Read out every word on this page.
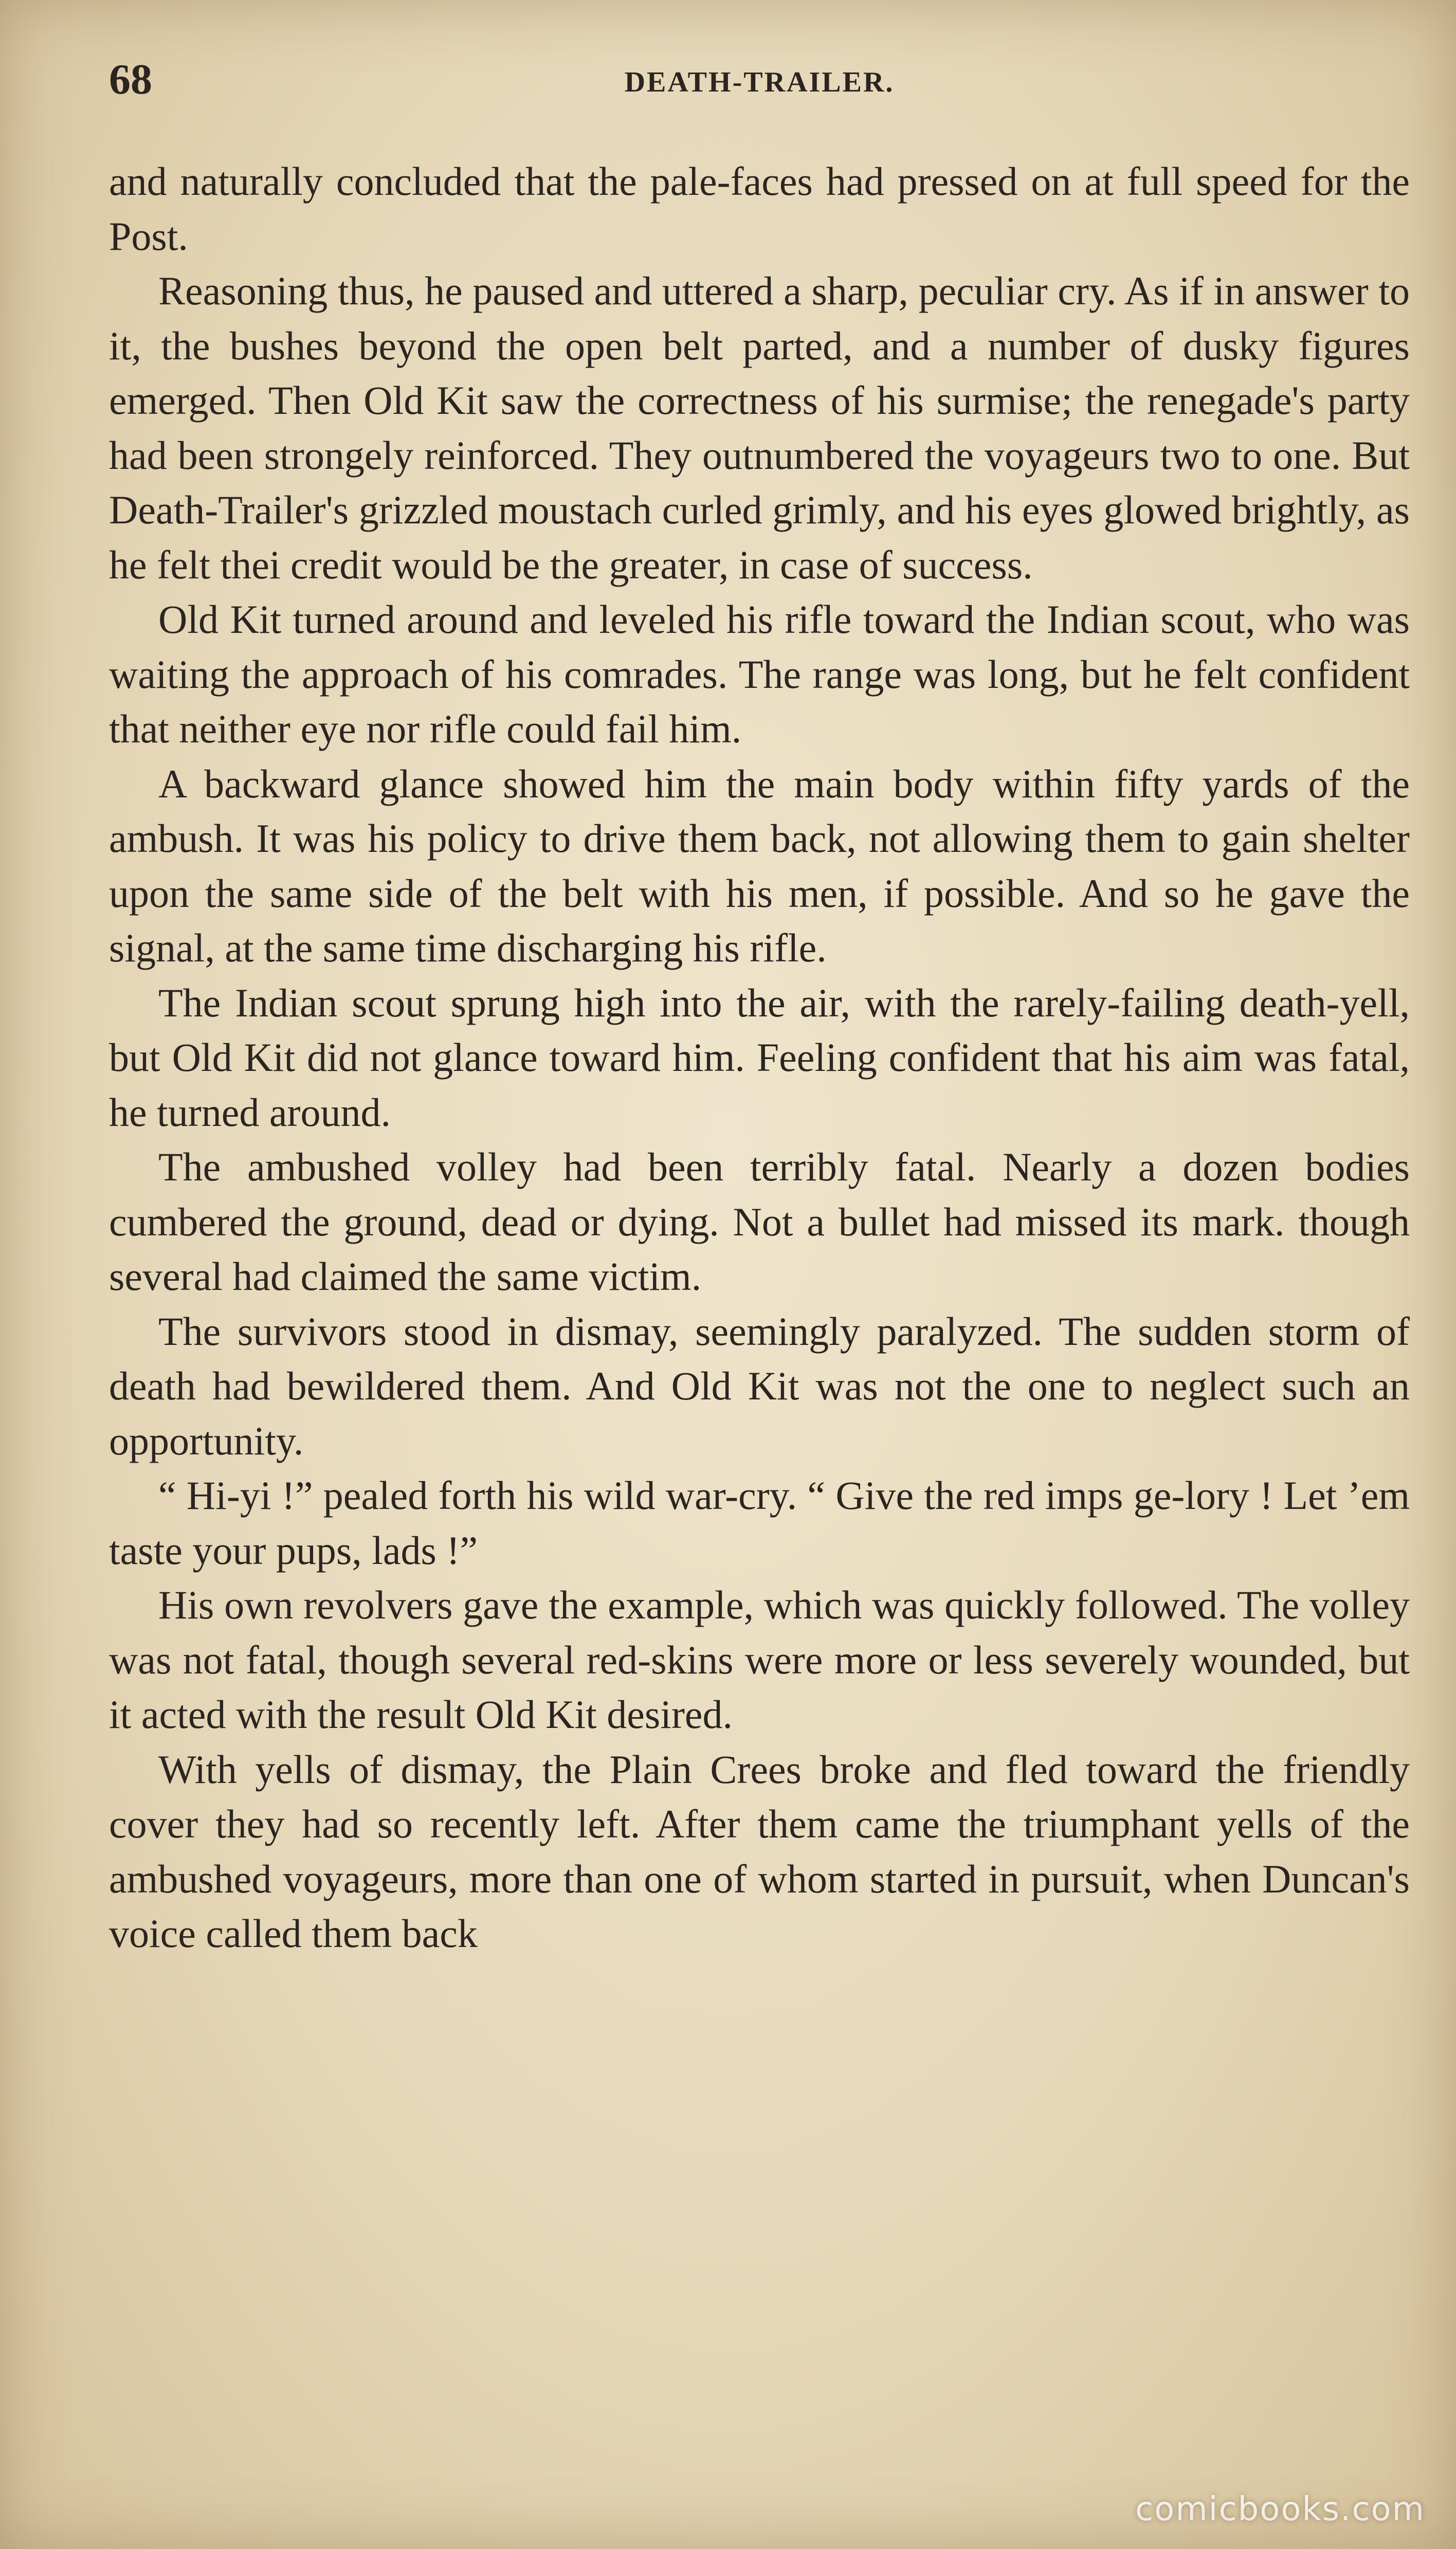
68	DEATH-TRAILER.

and naturally concluded that the pale-faces had pressed on at full speed for the Post.

Reasoning thus, he paused and uttered a sharp, peculiar cry. As if in answer to it, the bushes beyond the open belt parted, and a number of dusky figures emerged. Then Old Kit saw the correctness of his surmise; the renegade's party had been strongely reinforced. They outnumbered the voyageurs two to one. But Death-Trailer's grizzled moustach curled grimly, and his eyes glowed brightly, as he felt thei credit would be the greater, in case of success.

Old Kit turned around and leveled his rifle toward the Indian scout, who was waiting the approach of his comrades. The range was long, but he felt confident that neither eye nor rifle could fail him.

A backward glance showed him the main body within fifty yards of the ambush. It was his policy to drive them back, not allowing them to gain shelter upon the same side of the belt with his men, if possible. And so he gave the signal, at the same time discharging his rifle.

The Indian scout sprung high into the air, with the rarely-failing death-yell, but Old Kit did not glance toward him. Feeling confident that his aim was fatal, he turned around.

The ambushed volley had been terribly fatal. Nearly a dozen bodies cumbered the ground, dead or dying. Not a bullet had missed its mark. though several had claimed the same victim.

The survivors stood in dismay, seemingly paralyzed. The sudden storm of death had bewildered them. And Old Kit was not the one to neglect such an opportunity.

“ Hi-yi !” pealed forth his wild war-cry. “ Give the red imps ge-lory ! Let ’em taste your pups, lads !”

His own revolvers gave the example, which was quickly followed. The volley was not fatal, though several red-skins were more or less severely wounded, but it acted with the result Old Kit desired.

With yells of dismay, the Plain Crees broke and fled toward the friendly cover they had so recently left. After them came the triumphant yells of the ambushed voyageurs, more than one of whom started in pursuit, when Duncan's voice called them back

comicbooks.com
